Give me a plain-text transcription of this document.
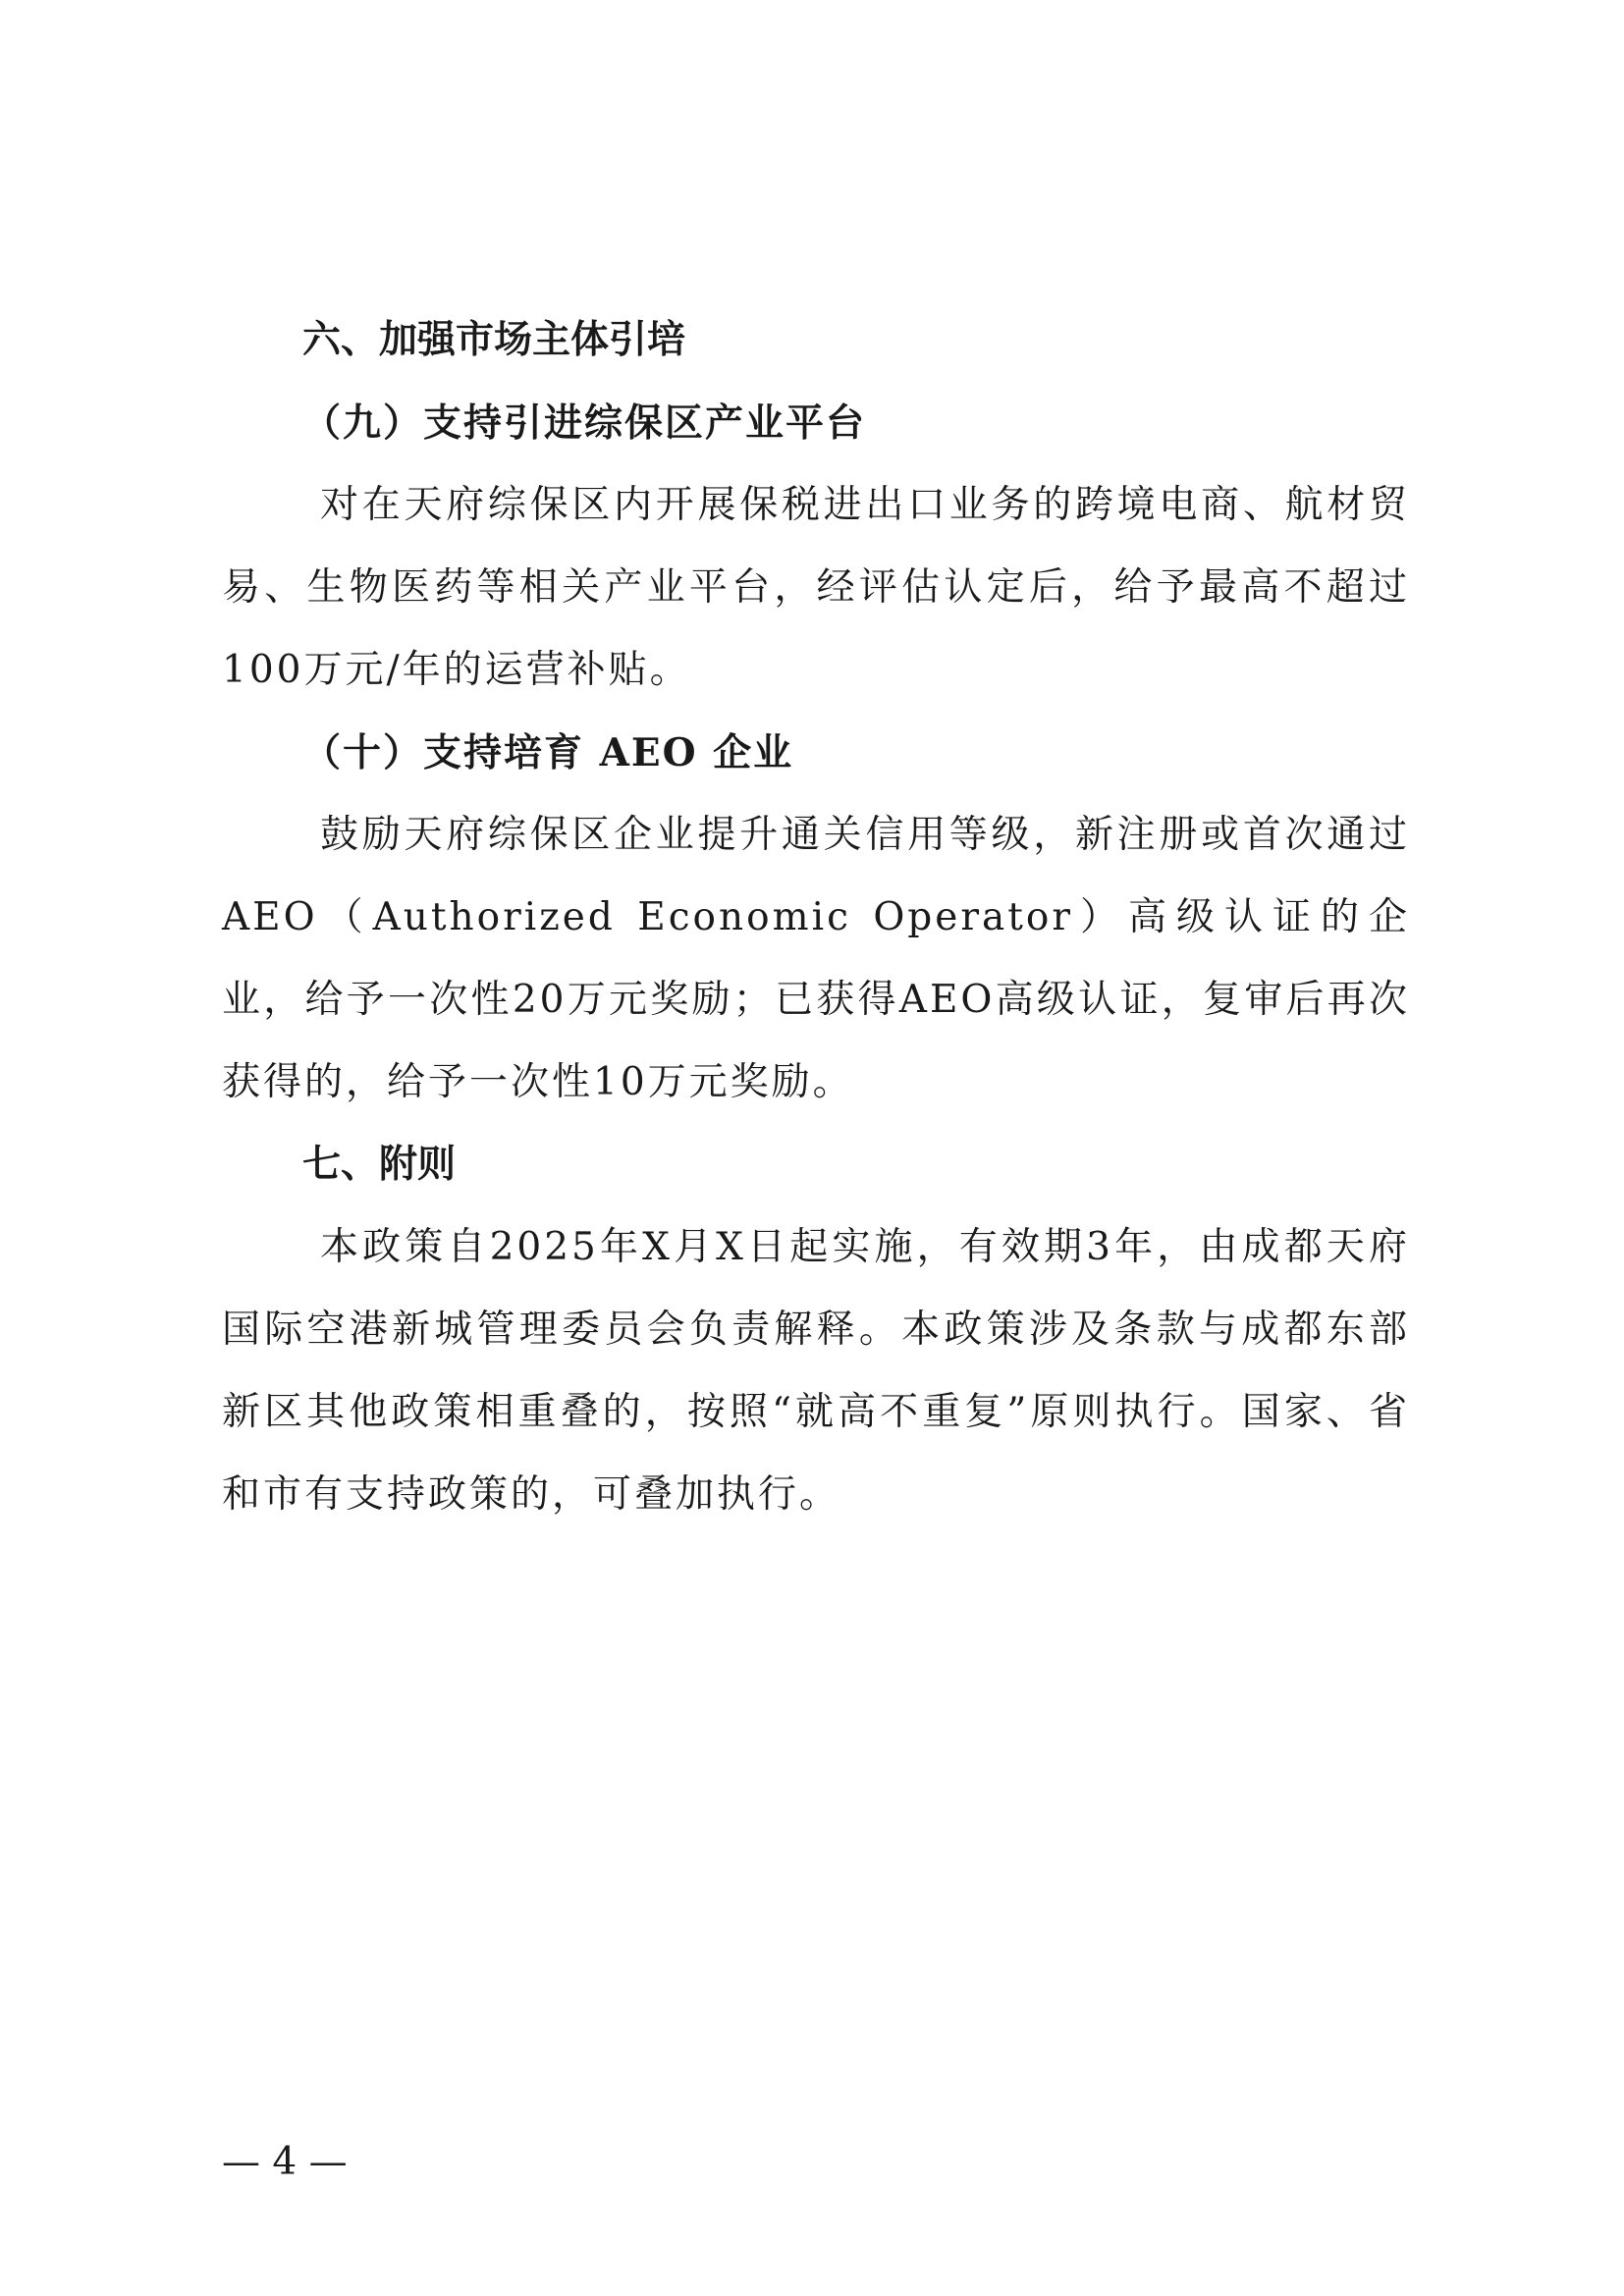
六、加强市场主体引培
（九）支持引进综保区产业平台

对在天府综保区内开展保税进出口业务的跨境电商、航材贸易、生物医药等相关产业平台，经评估认定后，给予最高不超过100万元/年的运营补贴。

（十）支持培育 AEO 企业

鼓励天府综保区企业提升通关信用等级，新注册或首次通过AEO（Authorized Economic Operator）高级认证的企业，给予一次性20万元奖励；已获得AEO高级认证，复审后再次获得的，给予一次性10万元奖励。

七、附则

本政策自2025年X月X日起实施，有效期3年，由成都天府国际空港新城管理委员会负责解释。本政策涉及条款与成都东部新区其他政策相重叠的，按照“就高不重复”原则执行。国家、省和市有支持政策的，可叠加执行。

— 4 —
